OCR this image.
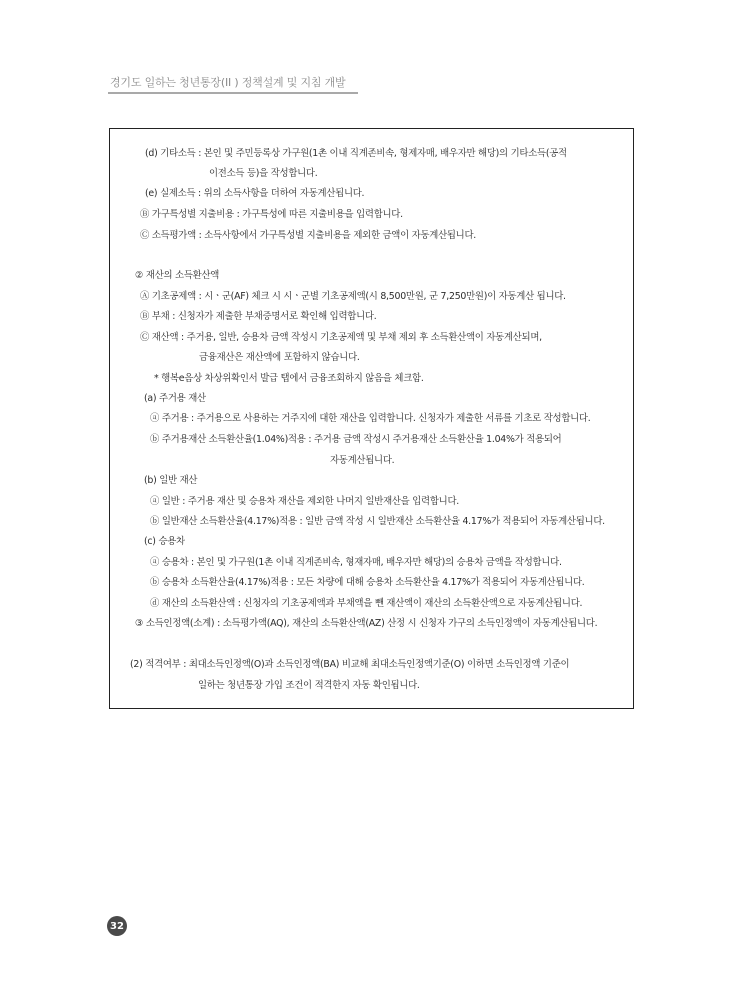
경기도 일하는 청년통장(II ) 정책설계 및 지침 개발
(d) 기타소득 : 본인 및 주민등록상 가구원(1촌 이내 직계존비속, 형제자매, 배우자만 해당)의 기타소득(공적
이전소득 등)을 작성합니다.
(e) 실제소득 : 위의 소득사항을 더하여 자동계산됩니다.
Ⓑ 가구특성별 지출비용 : 가구특성에 따른 지출비용을 입력합니다.
Ⓒ 소득평가액 : 소득사항에서 가구특성별 지출비용을 제외한 금액이 자동계산됩니다.
② 재산의 소득환산액
Ⓐ 기초공제액 : 시ㆍ군(AF) 체크 시 시ㆍ군별 기초공제액(시 8,500만원, 군 7,250만원)이 자동계산 됩니다.
Ⓑ 부채 : 신청자가 제출한 부채증명서로 확인해 입력합니다.
Ⓒ 재산액 : 주거용, 일반, 승용차 금액 작성시 기초공제액 및 부채 제외 후 소득환산액이 자동계산되며,
금융재산은 재산액에 포함하지 않습니다.
* 행복e음상 차상위확인서 발급 탭에서 금융조회하지 않음을 체크함.
(a) 주거용 재산
ⓐ 주거용 : 주거용으로 사용하는 거주지에 대한 재산을 입력합니다. 신청자가 제출한 서류를 기초로 작성합니다.
ⓑ 주거용재산 소득환산율(1.04%)적용 : 주거용 금액 작성시 주거용재산 소득환산율 1.04%가 적용되어
자동계산됩니다.
(b) 일반 재산
ⓐ 일반 : 주거용 재산 및 승용차 재산을 제외한 나머지 일반재산을 입력합니다.
ⓑ 일반재산 소득환산율(4.17%)적용 : 일반 금액 작성 시 일반재산 소득환산율 4.17%가 적용되어 자동계산됩니다.
(c) 승용차
ⓐ 승용차 : 본인 및 가구원(1촌 이내 직계존비속, 형재자매, 배우자만 해당)의 승용차 금액을 작성합니다.
ⓑ 승용차 소득환산율(4.17%)적용 : 모든 차량에 대해 승용차 소득환산율 4.17%가 적용되어 자동계산됩니다.
ⓓ 재산의 소득환산액 : 신청자의 기초공제액과 부채액을 뺀 재산액이 재산의 소득환산액으로 자동계산됩니다.
③ 소득인정액(소계) : 소득평가액(AQ), 재산의 소득환산액(AZ) 산정 시 신청자 가구의 소득인정액이 자동계산됩니다.
(2) 적격여부 : 최대소득인정액(O)과 소득인정액(BA) 비교해 최대소득인정액기준(O) 이하면 소득인정액 기준이
일하는 청년통장 가입 조건이 적격한지 자동 확인됩니다.
32
